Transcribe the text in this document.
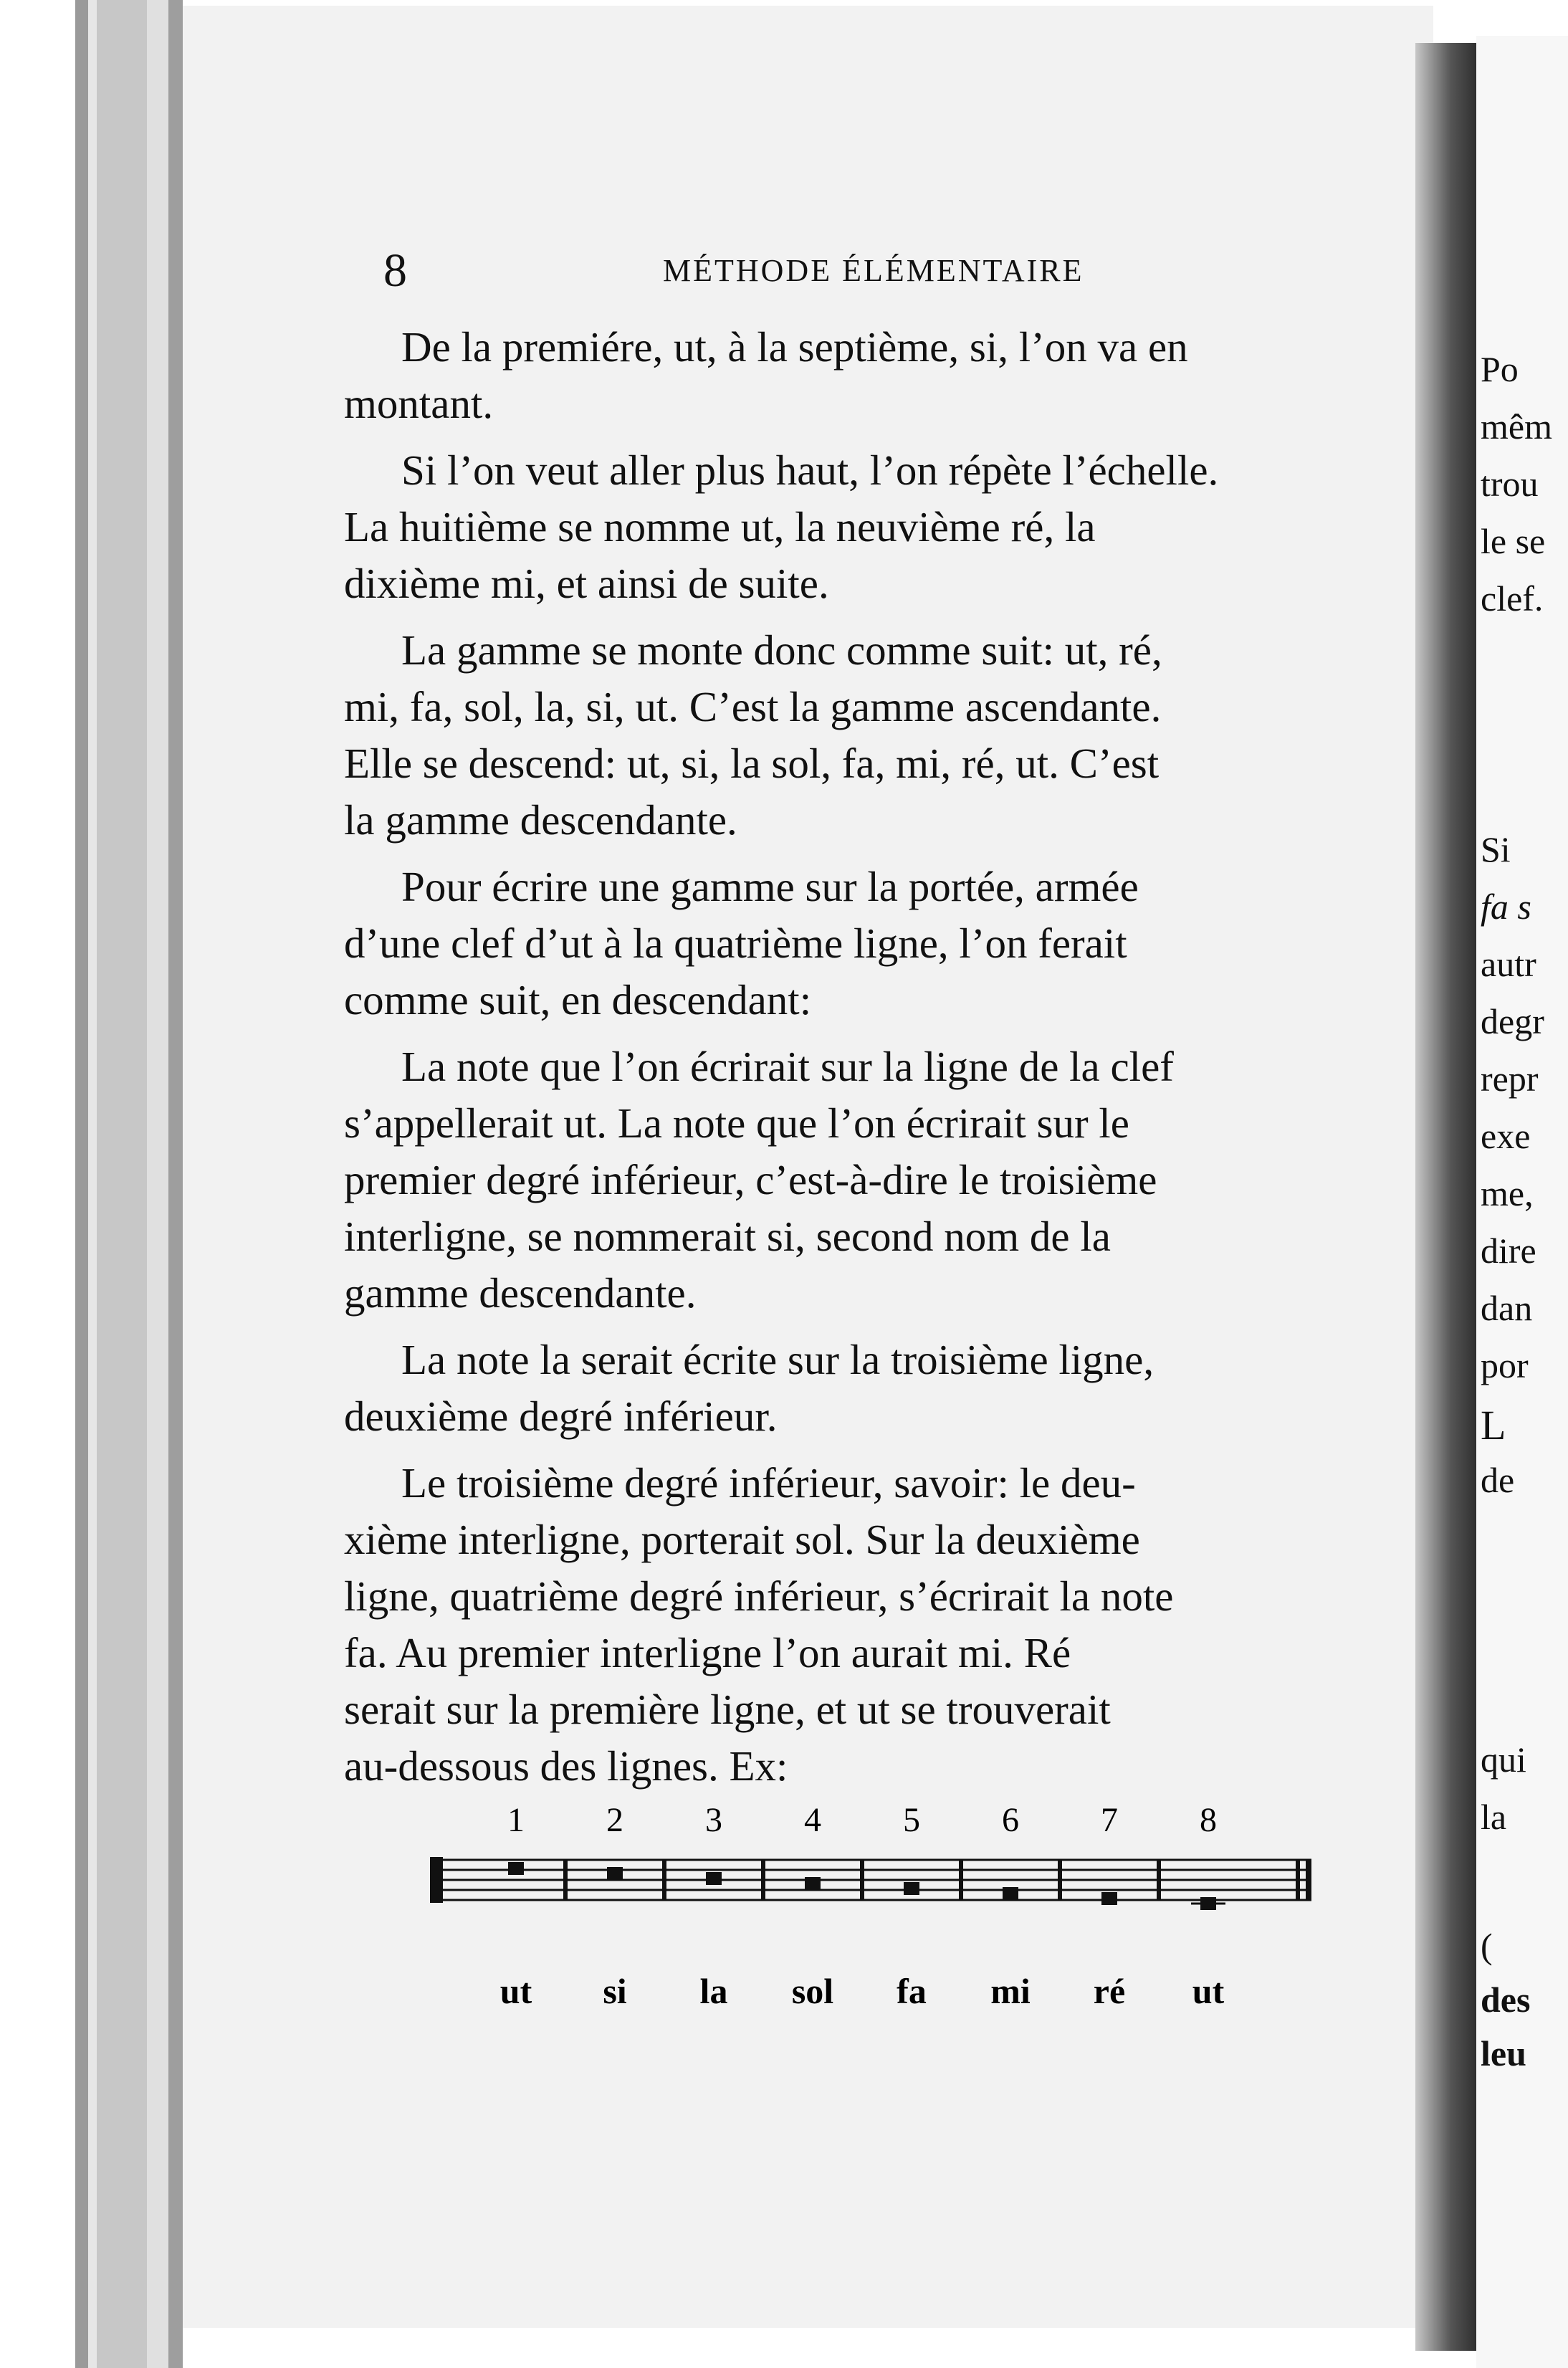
Po
mêm
trou
le se
clef.
Si
fa s
autr
degr
repr
exe
me,
dire
dan
por
L
de
qui
la
(
des
leu
8	MÉTHODE ÉLÉMENTAIRE

De la premiére, ut, à la septième, si, l’on va en

montant.

Si l’on veut aller plus haut, l’on répète l’échelle.

La huitième se nomme ut, la neuvième ré, la

dixième mi, et ainsi de suite.

La gamme se monte donc comme suit: ut, ré,

mi, fa, sol, la, si, ut. C’est la gamme ascendante.

Elle se descend: ut, si, la sol, fa, mi, ré, ut. C’est

la gamme descendante.

Pour écrire une gamme sur la portée, armée

d’une clef d’ut à la quatrième ligne, l’on ferait

comme suit, en descendant:

La note que l’on écrirait sur la ligne de la clef

s’appellerait ut. La note que l’on écrirait sur le

premier degré inférieur, c’est-à-dire le troisième

interligne, se nommerait si, second nom de la

gamme descendante.

La note la serait écrite sur la troisième ligne,

deuxième degré inférieur.

Le troisième degré inférieur, savoir: le deu-

xième interligne, porterait sol. Sur la deuxième

ligne, quatrième degré inférieur, s’écrirait la note

fa. Au premier interligne l’on aurait mi. Ré

serait sur la première ligne, et ut se trouverait

au-dessous des lignes. Ex:

1
ut
2
si
3
la
4
sol
5
fa
6
mi
7
ré
8
ut
